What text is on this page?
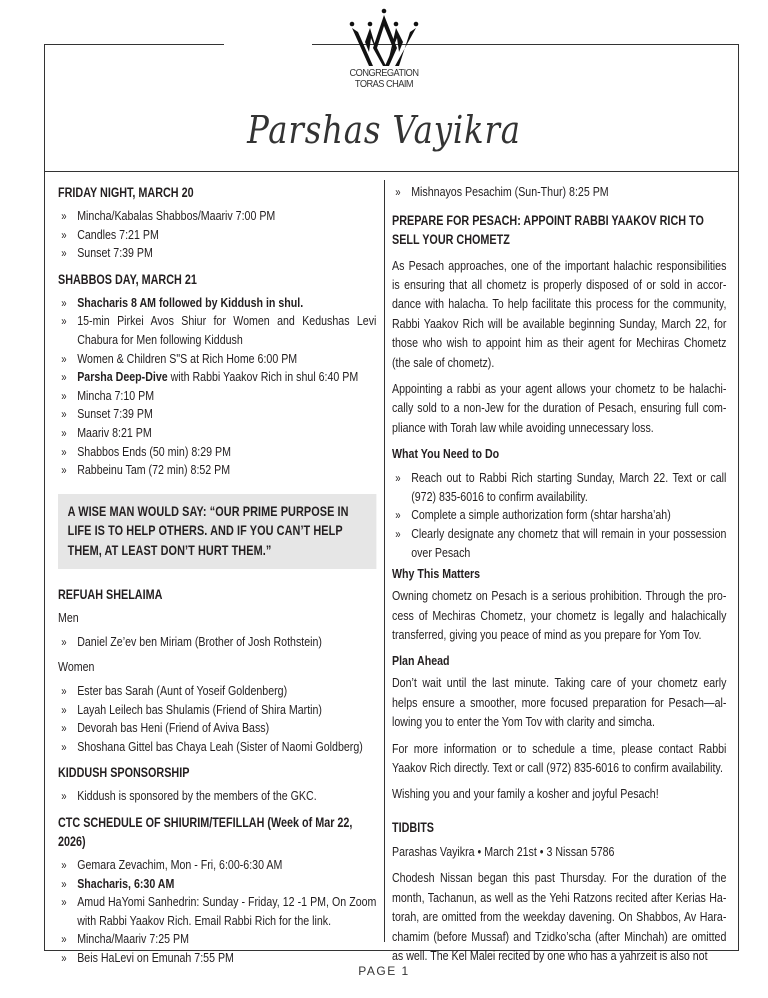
CONGREGATION
TORAS CHAIM
Parshas Vayikra
FRIDAY NIGHT, MARCH 20
» Mincha/Kabalas Shabbos/Maariv 7:00 PM
» Candles 7:21 PM
» Sunset 7:39 PM
SHABBOS DAY, MARCH 21
» Shacharis 8 AM followed by Kiddush in shul.
» 15-min Pirkei Avos Shiur for Women and Kedushas Levi Chabura for Men following Kiddush
» Women & Children S"S at Rich Home 6:00 PM
» Parsha Deep-Dive with Rabbi Yaakov Rich in shul 6:40 PM
» Mincha 7:10 PM
» Sunset 7:39 PM
» Maariv 8:21 PM
» Shabbos Ends (50 min) 8:29 PM
» Rabbeinu Tam (72 min) 8:52 PM
A WISE MAN WOULD SAY: “OUR PRIME PURPOSE IN LIFE IS TO HELP OTHERS. AND IF YOU CAN’T HELP THEM, AT LEAST DON’T HURT THEM.”
REFUAH SHELAIMA
Men
» Daniel Ze’ev ben Miriam (Brother of Josh Rothstein)
Women
» Ester bas Sarah (Aunt of Yoseif Goldenberg)
» Layah Leilech bas Shulamis (Friend of Shira Martin)
» Devorah bas Heni (Friend of Aviva Bass)
» Shoshana Gittel bas Chaya Leah (Sister of Naomi Goldberg)
KIDDUSH SPONSORSHIP
» Kiddush is sponsored by the members of the GKC.
CTC SCHEDULE OF SHIURIM/TEFILLAH (Week of Mar 22, 2026)
» Gemara Zevachim, Mon - Fri, 6:00-6:30 AM
» Shacharis, 6:30 AM
» Amud HaYomi Sanhedrin: Sunday - Friday, 12 -1 PM, On Zoom with Rabbi Yaakov Rich. Email Rabbi Rich for the link.
» Mincha/Maariv 7:25 PM
» Beis HaLevi on Emunah 7:55 PM
» Mishnayos Pesachim (Sun-Thur) 8:25 PM
PREPARE FOR PESACH: APPOINT RABBI YAAKOV RICH TO SELL YOUR CHOMETZ

As Pesach approaches, one of the important halachic responsibilities is ensuring that all chometz is properly disposed of or sold in accordance with halacha. To help facilitate this process for the community, Rabbi Yaakov Rich will be available beginning Sunday, March 22, for those who wish to appoint him as their agent for Mechiras Chometz (the sale of chometz).

Appointing a rabbi as your agent allows your chometz to be halachically sold to a non-Jew for the duration of Pesach, ensuring full compliance with Torah law while avoiding unnecessary loss.

What You Need to Do
» Reach out to Rabbi Rich starting Sunday, March 22. Text or call (972) 835-6016 to confirm availability.
» Complete a simple authorization form (shtar harsha’ah)
» Clearly designate any chometz that will remain in your possession over Pesach
Why This Matters

Owning chometz on Pesach is a serious prohibition. Through the process of Mechiras Chometz, your chometz is legally and halachically transferred, giving you peace of mind as you prepare for Yom Tov.

Plan Ahead

Don’t wait until the last minute. Taking care of your chometz early helps ensure a smoother, more focused preparation for Pesach—allowing you to enter the Yom Tov with clarity and simcha.

For more information or to schedule a time, please contact Rabbi Yaakov Rich directly. Text or call (972) 835-6016 to confirm availability.

Wishing you and your family a kosher and joyful Pesach!

TIDBITS

Parashas Vayikra • March 21st • 3 Nissan 5786

Chodesh Nissan began this past Thursday. For the duration of the month, Tachanun, as well as the Yehi Ratzons recited after Kerias Hatorah, are omitted from the weekday davening. On Shabbos, Av Harachamim (before Mussaf) and Tzidko’scha (after Minchah) are omitted as well. The Kel Malei recited by one who has a yahrzeit is also not

PAGE 1
